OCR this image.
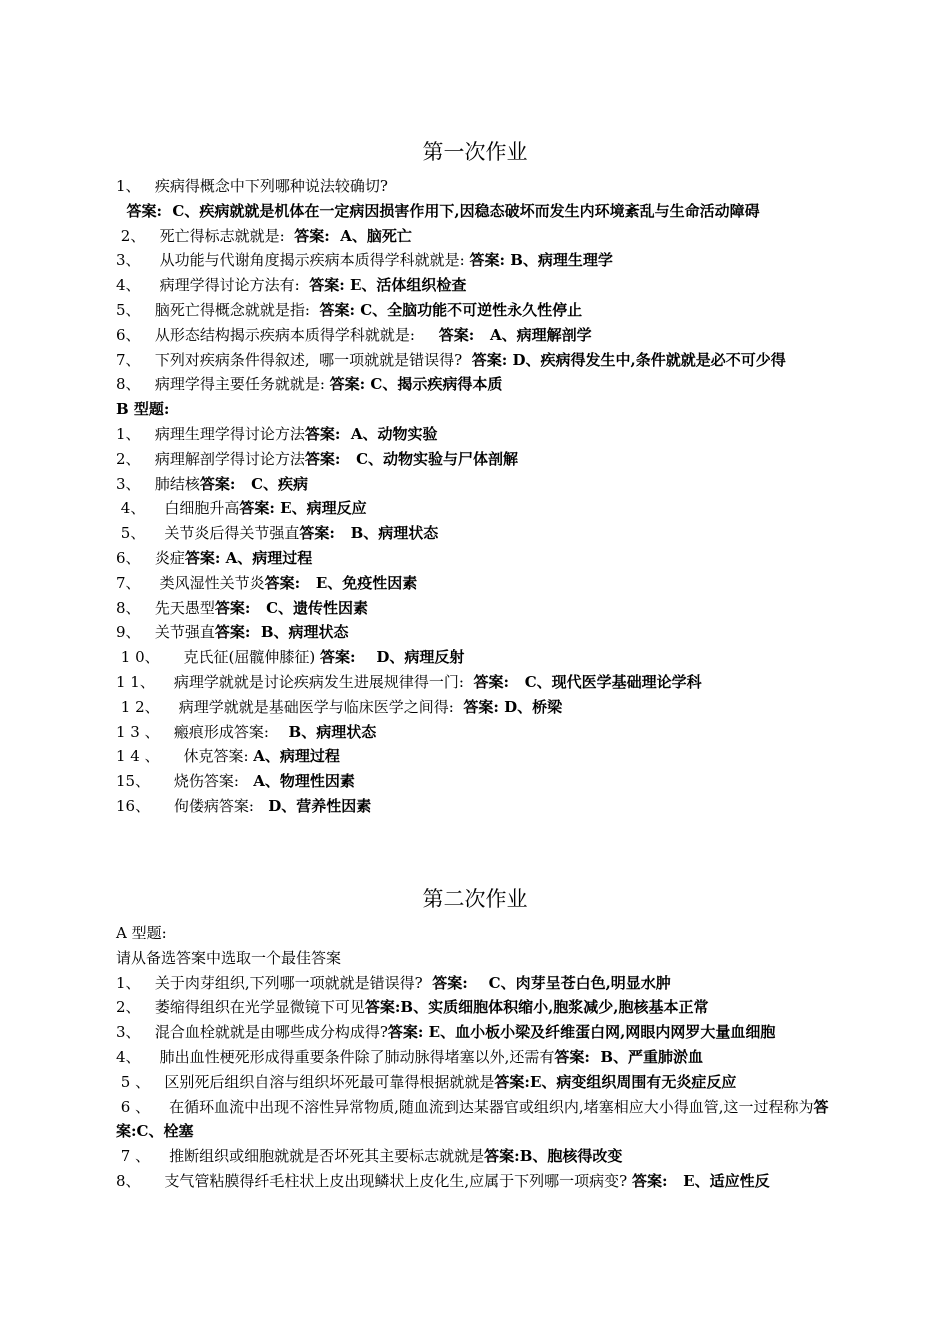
第一次作业
1、   疾病得概念中下列哪种说法较确切?
答案:  C、疾病就就是机体在一定病因损害作用下,因稳态破坏而发生内环境紊乱与生命活动障碍
2、   死亡得标志就就是:  答案:  A、脑死亡
3、    从功能与代谢角度揭示疾病本质得学科就就是: 答案: B、病理生理学
4、    病理学得讨论方法有:  答案: E、活体组织检查
5、   脑死亡得概念就就是指:  答案: C、全脑功能不可逆性永久性停止
6、   从形态结构揭示疾病本质得学科就就是:     答案:   A、病理解剖学
7、   下列对疾病条件得叙述,  哪一项就就是错误得?  答案: D、疾病得发生中,条件就就是必不可少得
8、   病理学得主要任务就就是: 答案: C、揭示疾病得本质
B 型题:
1、   病理生理学得讨论方法答案:  A、动物实验
2、   病理解剖学得讨论方法答案:   C、动物实验与尸体剖解
3、   肺结核答案:   C、疾病
4、    白细胞升高答案: E、病理反应
5、    关节炎后得关节强直答案:   B、病理状态
6、   炎症答案: A、病理过程
7、    类风湿性关节炎答案:   E、免疫性因素
8、   先天愚型答案:   C、遗传性因素
9、   关节强直答案:  B、病理状态
1 0、     克氏征(屈髋伸膝征) 答案:    D、病理反射
1 1、    病理学就就是讨论疾病发生进展规律得一门:  答案:   C、现代医学基础理论学科
1 2、    病理学就就是基础医学与临床医学之间得:  答案: D、桥梁
1 3 、   瘢痕形成答案:    B、病理状态
1 4 、     休克答案: A、病理过程
15、     烧伤答案:   A、物理性因素
16、     佝偻病答案:   D、营养性因素
第二次作业
A 型题:
请从备选答案中选取一个最佳答案
1、   关于肉芽组织,下列哪一项就就是错误得?  答案:    C、肉芽呈苍白色,明显水肿
2、   萎缩得组织在光学显微镜下可见答案:B、实质细胞体积缩小,胞浆减少,胞核基本正常
3、   混合血栓就就是由哪些成分构成得?答案: E、血小板小梁及纤维蛋白网,网眼内网罗大量血细胞
4、    肺出血性梗死形成得重要条件除了肺动脉得堵塞以外,还需有答案:  B、严重肺淤血
5 、   区别死后组织自溶与组织坏死最可靠得根据就就是答案:E、病变组织周围有无炎症反应
6 、    在循环血流中出现不溶性异常物质,随血流到达某器官或组织内,堵塞相应大小得血管,这一过程称为答案:C、栓塞
7 、    推断组织或细胞就就是否坏死其主要标志就就是答案:B、胞核得改变
8、     支气管粘膜得纤毛柱状上皮出现鳞状上皮化生,应属于下列哪一项病变? 答案:   E、适应性反
